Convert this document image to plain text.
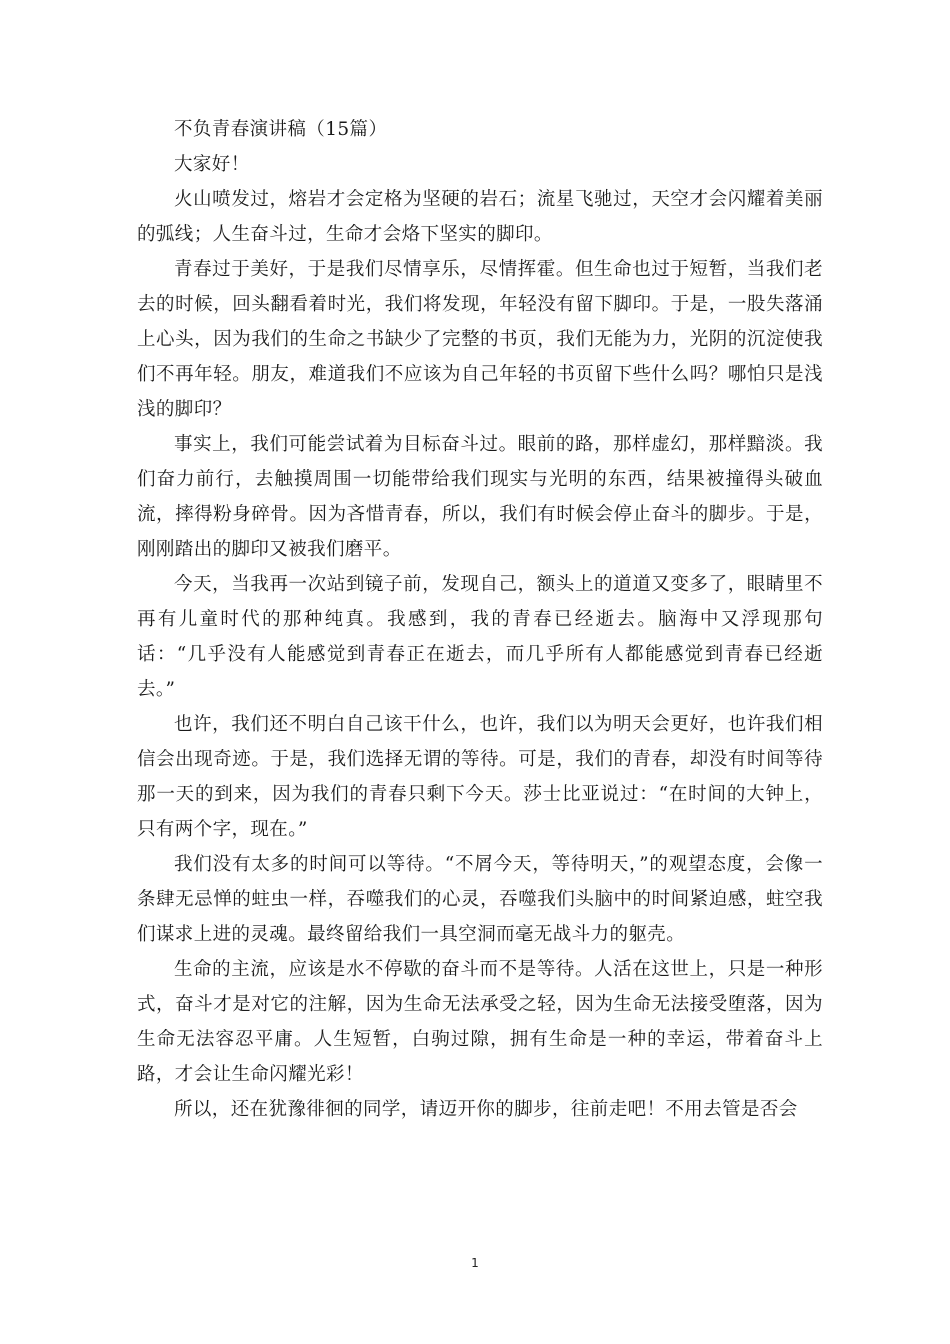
不负青春演讲稿（15篇）

大家好！

火山喷发过，熔岩才会定格为坚硬的岩石；流星飞驰过，天空才会闪耀着美丽的弧线；人生奋斗过，生命才会烙下坚实的脚印。

青春过于美好，于是我们尽情享乐，尽情挥霍。但生命也过于短暂，当我们老去的时候，回头翻看着时光，我们将发现，年轻没有留下脚印。于是，一股失落涌上心头，因为我们的生命之书缺少了完整的书页，我们无能为力，光阴的沉淀使我们不再年轻。朋友，难道我们不应该为自己年轻的书页留下些什么吗？哪怕只是浅浅的脚印？

事实上，我们可能尝试着为目标奋斗过。眼前的路，那样虚幻，那样黯淡。我们奋力前行，去触摸周围一切能带给我们现实与光明的东西，结果被撞得头破血流，摔得粉身碎骨。因为吝惜青春，所以，我们有时候会停止奋斗的脚步。于是，刚刚踏出的脚印又被我们磨平。

今天，当我再一次站到镜子前，发现自己，额头上的道道又变多了，眼睛里不再有儿童时代的那种纯真。我感到，我的青春已经逝去。脑海中又浮现那句话：“几乎没有人能感觉到青春正在逝去，而几乎所有人都能感觉到青春已经逝去。”

也许，我们还不明白自己该干什么，也许，我们以为明天会更好，也许我们相信会出现奇迹。于是，我们选择无谓的等待。可是，我们的青春，却没有时间等待那一天的到来，因为我们的青春只剩下今天。莎士比亚说过：“在时间的大钟上，只有两个字，现在。”

我们没有太多的时间可以等待。“不屑今天，等待明天，”的观望态度，会像一条肆无忌惮的蛀虫一样，吞噬我们的心灵，吞噬我们头脑中的时间紧迫感，蛀空我们谋求上进的灵魂。最终留给我们一具空洞而毫无战斗力的躯壳。

生命的主流，应该是水不停歇的奋斗而不是等待。人活在这世上，只是一种形式，奋斗才是对它的注解，因为生命无法承受之轻，因为生命无法接受堕落，因为生命无法容忍平庸。人生短暂，白驹过隙，拥有生命是一种的幸运，带着奋斗上路，才会让生命闪耀光彩！

所以，还在犹豫徘徊的同学，请迈开你的脚步，往前走吧！不用去管是否会

1
